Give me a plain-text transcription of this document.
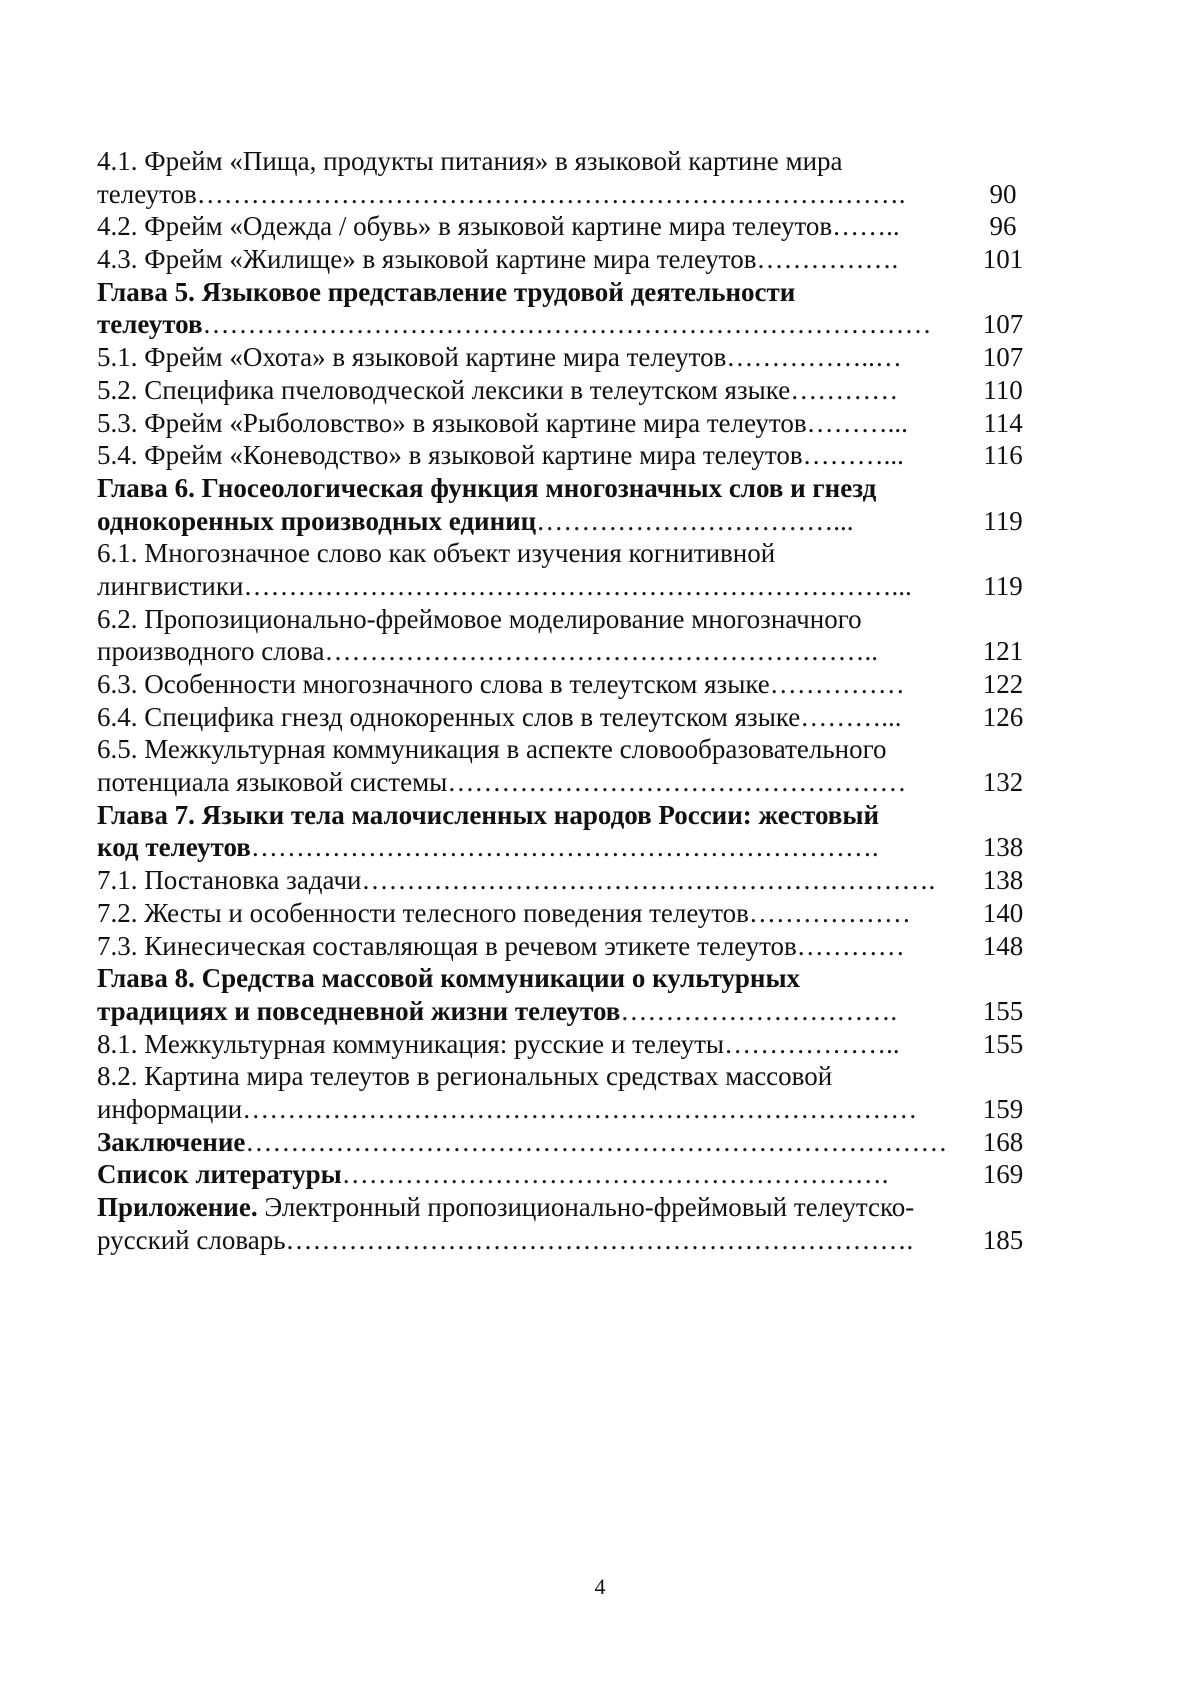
4.1. Фрейм «Пища, продукты питания» в языковой картине мира
телеутов…………………………………………………………………….	90
4.2. Фрейм «Одежда / обувь» в языковой картине мира телеутов……..	96
4.3. Фрейм «Жилище» в языковой картине мира телеутов…………….	101
Глава 5. Языковое представление трудовой деятельности
телеутов………………………………………………………………………	107
5.1. Фрейм «Охота» в языковой картине мира телеутов……………..…	107
5.2. Специфика пчеловодческой лексики в телеутском языке…………	110
5.3. Фрейм «Рыболовство» в языковой картине мира телеутов………...	114
5.4. Фрейм «Коневодство» в языковой картине мира телеутов………...	116
Глава 6. Гносеологическая функция многозначных слов и гнезд
однокоренных производных единиц……………………………...	119
6.1. Многозначное слово как объект изучения когнитивной
лингвистики………………………………………………………………...	119
6.2. Пропозиционально-фреймовое моделирование многозначного
производного слова……………………………………………………..	121
6.3. Особенности многозначного слова в телеутском языке……………	122
6.4. Специфика гнезд однокоренных слов в телеутском языке………...	126
6.5. Межкультурная коммуникация в аспекте словообразовательного
потенциала языковой системы……………………………………………	132
Глава 7. Языки тела малочисленных народов России: жестовый
код телеутов…………………………………………………………….	138
7.1. Постановка задачи……………………………………………………….	138
7.2. Жесты и особенности телесного поведения телеутов………………	140
7.3. Кинесическая составляющая в речевом этикете телеутов…………	148
Глава 8. Средства массовой коммуникации о культурных
традициях и повседневной жизни телеутов………………………….	155
8.1. Межкультурная коммуникация: русские и телеуты………………..	155
8.2. Картина мира телеутов в региональных средствах массовой
информации…………………………………………………………………	159
Заключение……………………………………………………………………	168
Список литературы…………………………………………………….	169
Приложение. Электронный пропозиционально-фреймовый телеутско-
русский словарь…………………………………………………………….	185
4
